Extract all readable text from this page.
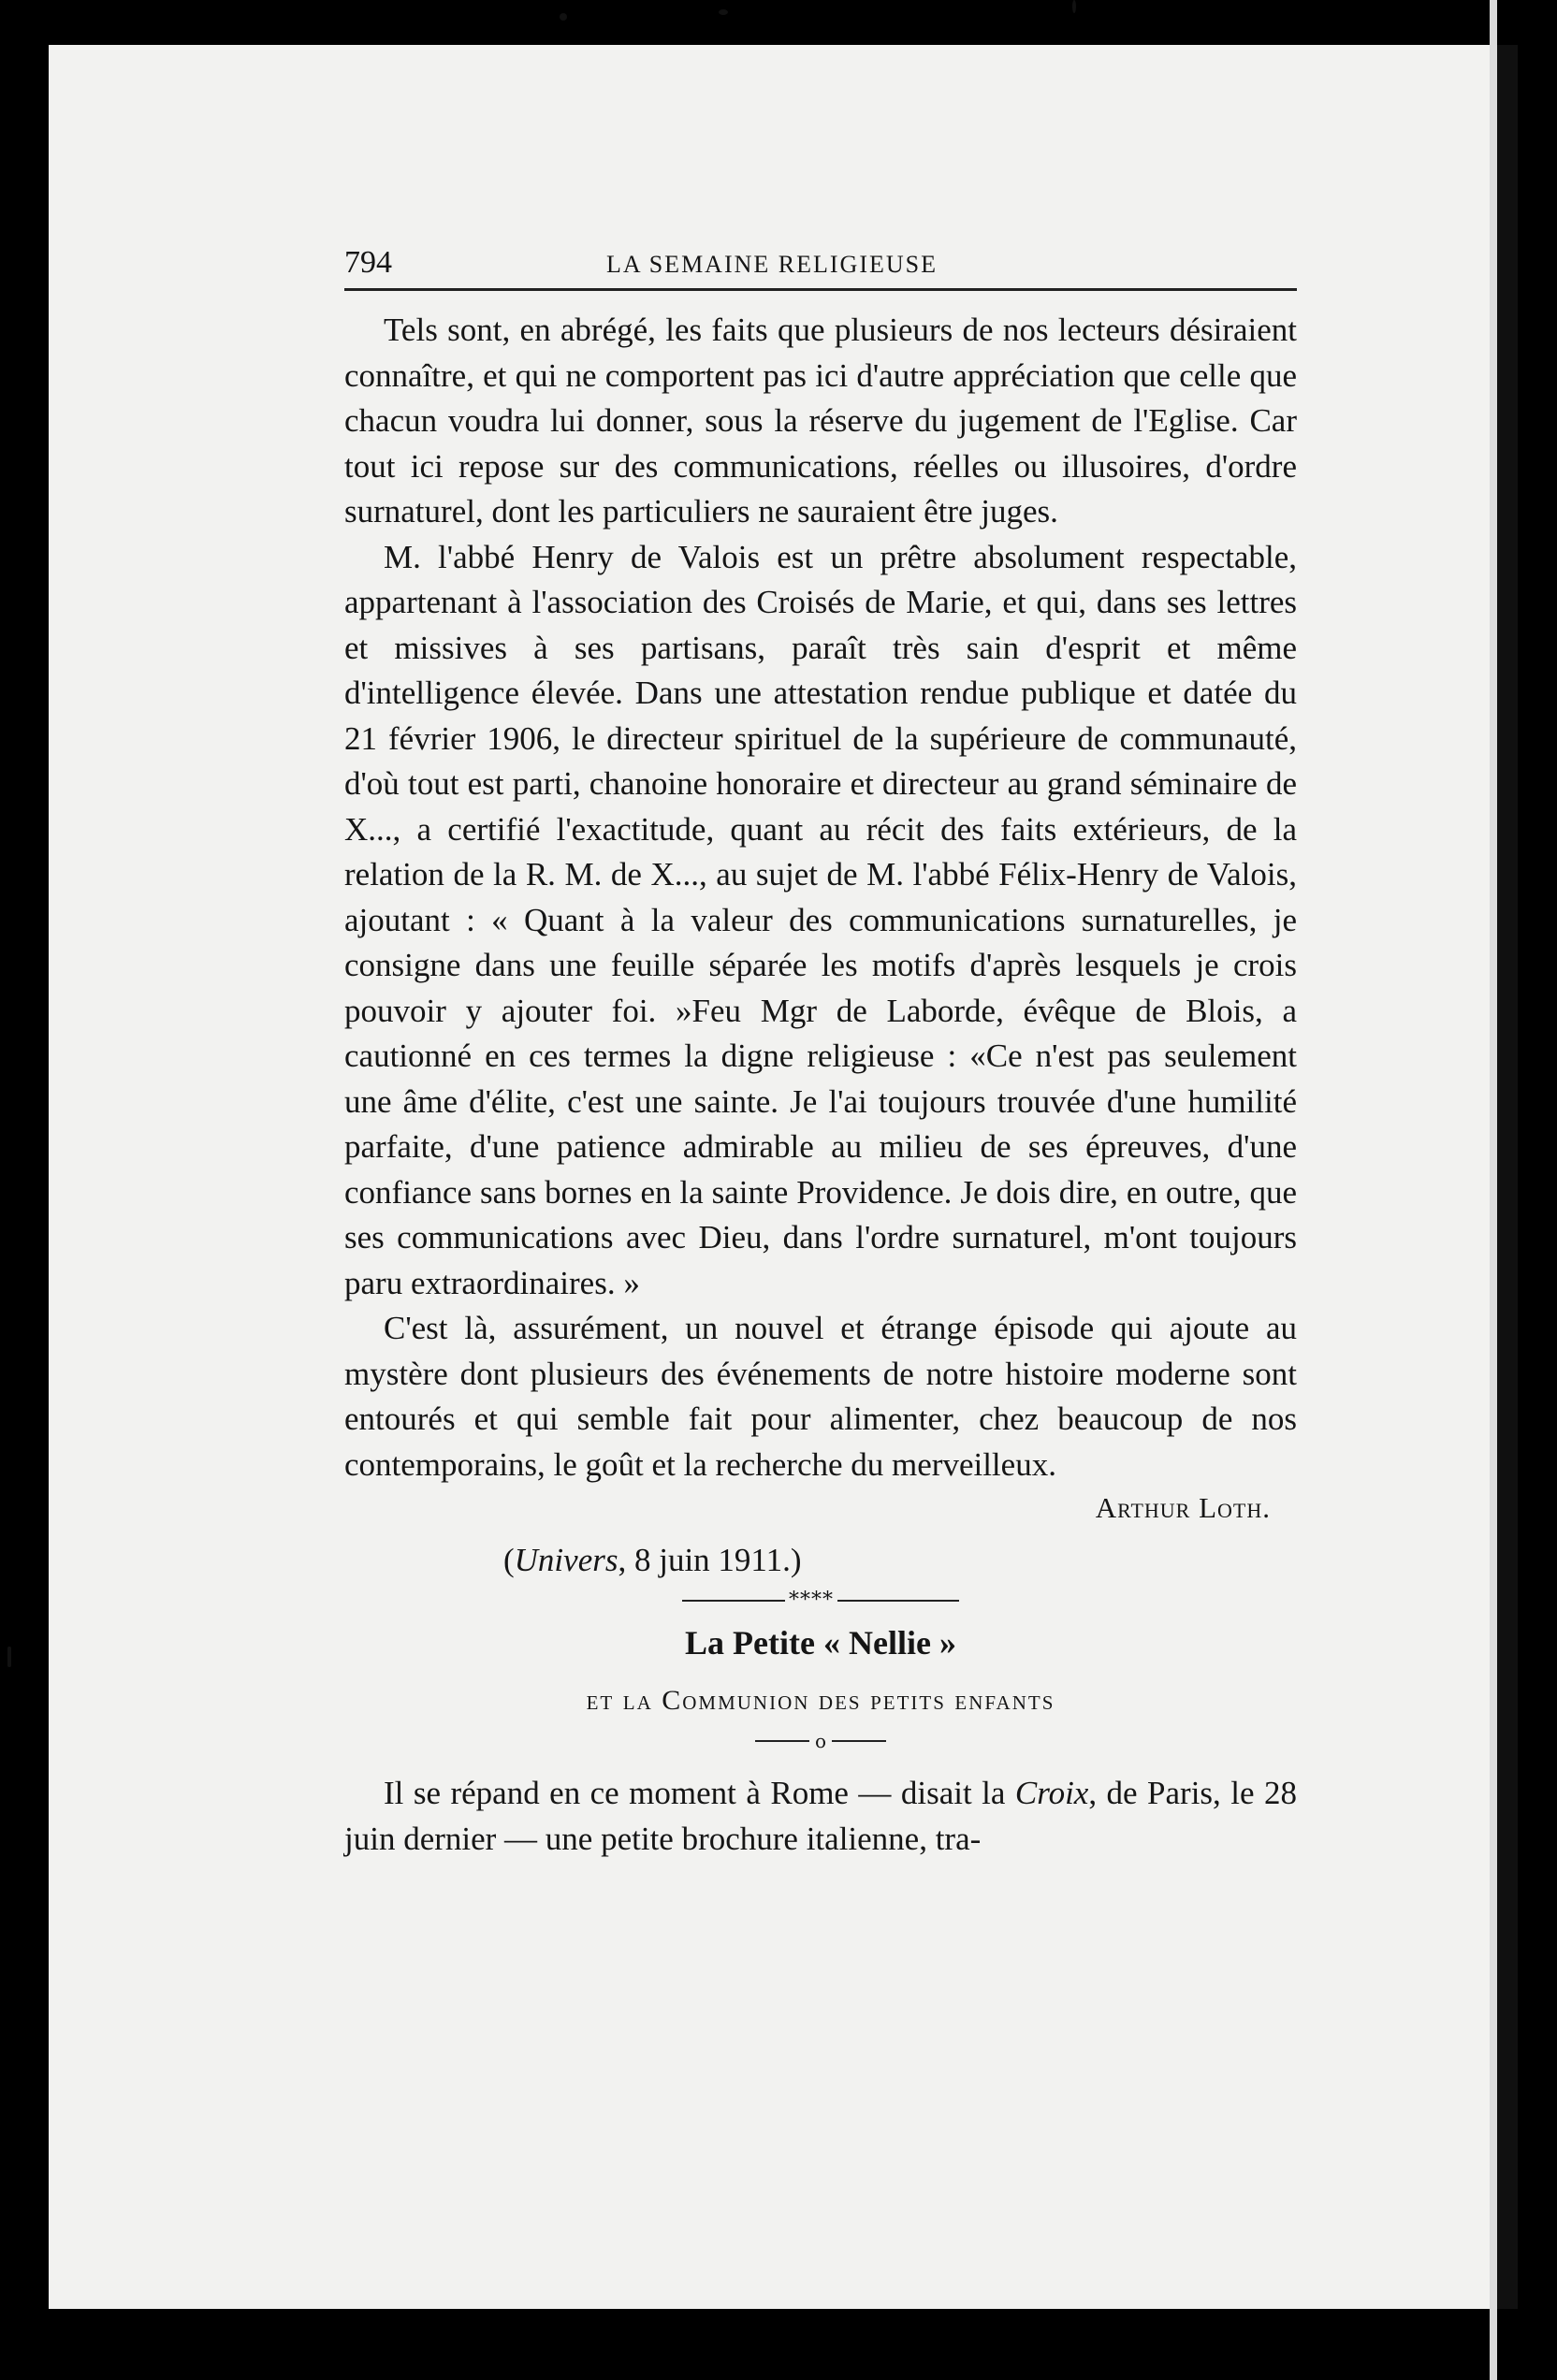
794	LA SEMAINE RELIGIEUSE

Tels sont, en abrégé, les faits que plusieurs de nos lecteurs désiraient connaître, et qui ne comportent pas ici d'autre appréciation que celle que chacun voudra lui donner, sous la réserve du jugement de l'Eglise. Car tout ici repose sur des communications, réelles ou illusoires, d'ordre surnaturel, dont les particuliers ne sauraient être juges.

M. l'abbé Henry de Valois est un prêtre absolument respectable, appartenant à l'association des Croisés de Marie, et qui, dans ses lettres et missives à ses partisans, paraît très sain d'esprit et même d'intelligence élevée. Dans une attestation rendue publique et datée du 21 février 1906, le directeur spirituel de la supérieure de communauté, d'où tout est parti, chanoine honoraire et directeur au grand séminaire de X..., a certifié l'exactitude, quant au récit des faits extérieurs, de la relation de la R. M. de X..., au sujet de M. l'abbé Félix-Henry de Valois, ajoutant : « Quant à la valeur des communications surnaturelles, je consigne dans une feuille séparée les motifs d'après lesquels je crois pouvoir y ajouter foi. »Feu Mgr de Laborde, évêque de Blois, a cautionné en ces termes la digne religieuse : «Ce n'est pas seulement une âme d'élite, c'est une sainte. Je l'ai toujours trouvée d'une humilité parfaite, d'une patience admirable au milieu de ses épreuves, d'une confiance sans bornes en la sainte Providence. Je dois dire, en outre, que ses communications avec Dieu, dans l'ordre surnaturel, m'ont toujours paru extraordinaires. »

C'est là, assurément, un nouvel et étrange épisode qui ajoute au mystère dont plusieurs des événements de notre histoire moderne sont entourés et qui semble fait pour alimenter, chez beaucoup de nos contemporains, le goût et la recherche du merveilleux.

Arthur Loth.
(Univers, 8 juin 1911.)
****
La Petite « Nellie »
et la Communion des petits enfants
o

Il se répand en ce moment à Rome — disait la Croix, de Paris, le 28 juin dernier — une petite brochure italienne, tra-
